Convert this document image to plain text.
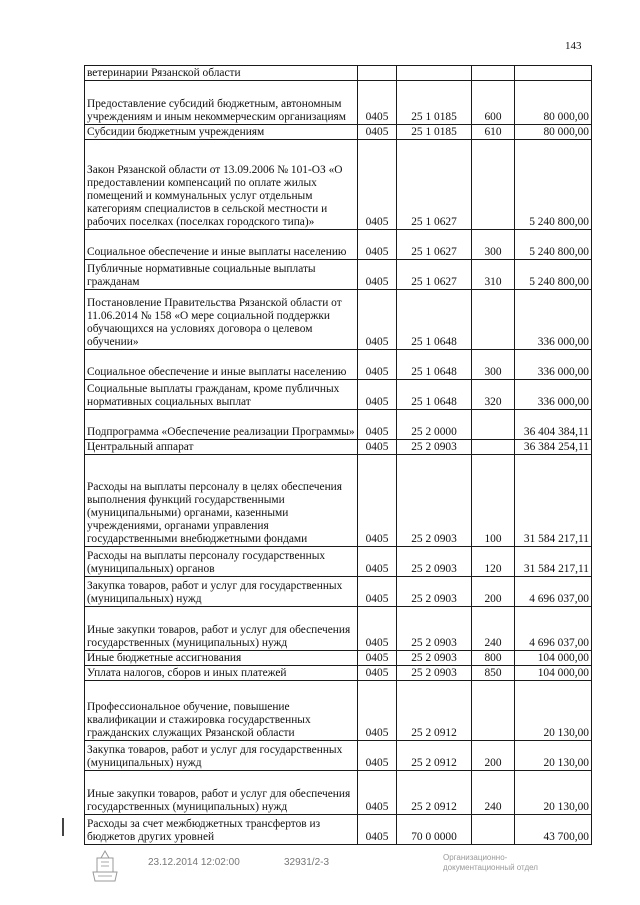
143
ветеринарии Рязанской области				
Предоставление субсидий бюджетным, автономным учреждениям и иным некоммерческим организациям	0405	25 1 0185	600	80 000,00
Субсидии бюджетным учреждениям	0405	25 1 0185	610	80 000,00
Закон Рязанской области от 13.09.2006 № 101-ОЗ «О предоставлении компенсаций по оплате жилых помещений и коммунальных услуг отдельным категориям специалистов в сельской местности и рабочих поселках (поселках городского типа)»	0405	25 1 0627		5 240 800,00
Социальное обеспечение и иные выплаты населению	0405	25 1 0627	300	5 240 800,00
Публичные нормативные социальные выплаты гражданам	0405	25 1 0627	310	5 240 800,00
Постановление Правительства Рязанской области от 11.06.2014 № 158 «О мере социальной поддержки обучающихся на условиях договора о целевом обучении»	0405	25 1 0648		336 000,00
Социальное обеспечение и иные выплаты населению	0405	25 1 0648	300	336 000,00
Социальные выплаты гражданам, кроме публичных нормативных социальных выплат	0405	25 1 0648	320	336 000,00
Подпрограмма «Обеспечение реализации Программы»	0405	25 2 0000		36 404 384,11
Центральный аппарат	0405	25 2 0903		36 384 254,11
Расходы на выплаты персоналу в целях обеспечения выполнения функций государственными (муниципальными) органами, казенными учреждениями, органами управления государственными внебюджетными фондами	0405	25 2 0903	100	31 584 217,11
Расходы на выплаты персоналу государственных (муниципальных) органов	0405	25 2 0903	120	31 584 217,11
Закупка товаров, работ и услуг для государственных (муниципальных) нужд	0405	25 2 0903	200	4 696 037,00
Иные закупки товаров, работ и услуг для обеспечения государственных (муниципальных) нужд	0405	25 2 0903	240	4 696 037,00
Иные бюджетные ассигнования	0405	25 2 0903	800	104 000,00
Уплата налогов, сборов и иных платежей	0405	25 2 0903	850	104 000,00
Профессиональное обучение, повышение квалификации и стажировка государственных гражданских служащих Рязанской области	0405	25 2 0912		20 130,00
Закупка товаров, работ и услуг для государственных (муниципальных) нужд	0405	25 2 0912	200	20 130,00
Иные закупки товаров, работ и услуг для обеспечения государственных (муниципальных) нужд	0405	25 2 0912	240	20 130,00
Расходы за счет межбюджетных трансфертов из бюджетов других уровней	0405	70 0 0000		43 700,00
23.12.2014 12:02:00	32931/2-3	Организационно-
документационный отдел
